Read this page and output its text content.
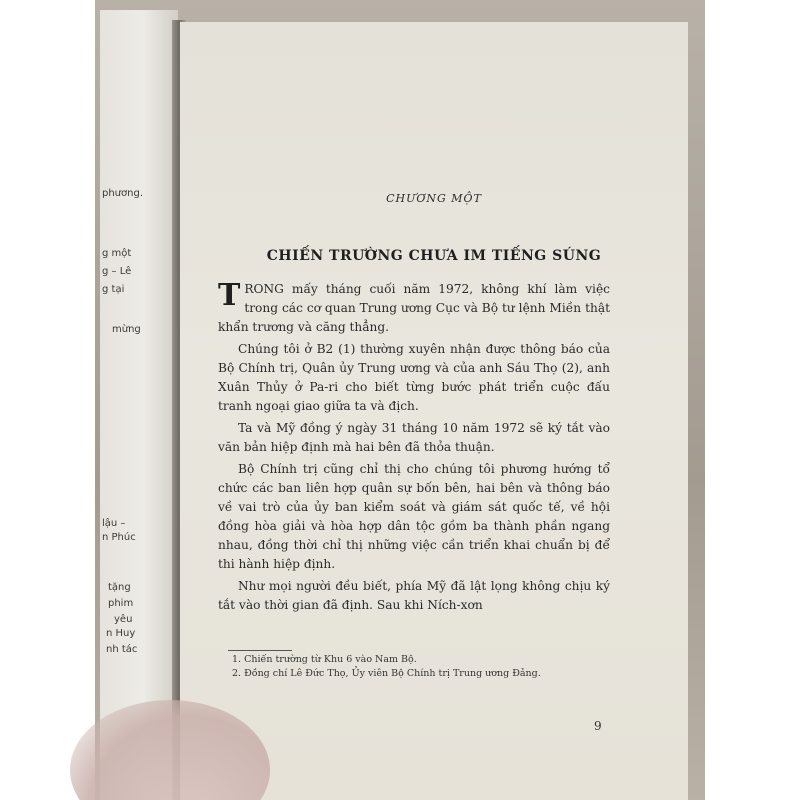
phương.
g một
g – Lê
g tại
mừng
lậu –
n Phúc
tặng
phim
yêu
n Huy
nh tác
CHƯƠNG MỘT
CHIẾN TRƯỜNG CHƯA IM TIẾNG SÚNG

TRONG mấy tháng cuối năm 1972, không khí làm việc trong các cơ quan Trung ương Cục và Bộ tư lệnh Miền thật khẩn trương và căng thẳng.

Chúng tôi ở B2 (1) thường xuyên nhận được thông báo của Bộ Chính trị, Quân ủy Trung ương và của anh Sáu Thọ (2), anh Xuân Thủy ở Pa-ri cho biết từng bước phát triển cuộc đấu tranh ngoại giao giữa ta và địch.

Ta và Mỹ đồng ý ngày 31 tháng 10 năm 1972 sẽ ký tắt vào văn bản hiệp định mà hai bên đã thỏa thuận.

Bộ Chính trị cũng chỉ thị cho chúng tôi phương hướng tổ chức các ban liên hợp quân sự bốn bên, hai bên và thông báo về vai trò của ủy ban kiểm soát và giám sát quốc tế, về hội đồng hòa giải và hòa hợp dân tộc gồm ba thành phần ngang nhau, đồng thời chỉ thị những việc cần triển khai chuẩn bị để thi hành hiệp định.

Như mọi người đều biết, phía Mỹ đã lật lọng không chịu ký tắt vào thời gian đã định. Sau khi Ních-xơn

1. Chiến trường từ Khu 6 vào Nam Bộ.
2. Đồng chí Lê Đức Thọ, Ủy viên Bộ Chính trị Trung ương Đảng.
9
